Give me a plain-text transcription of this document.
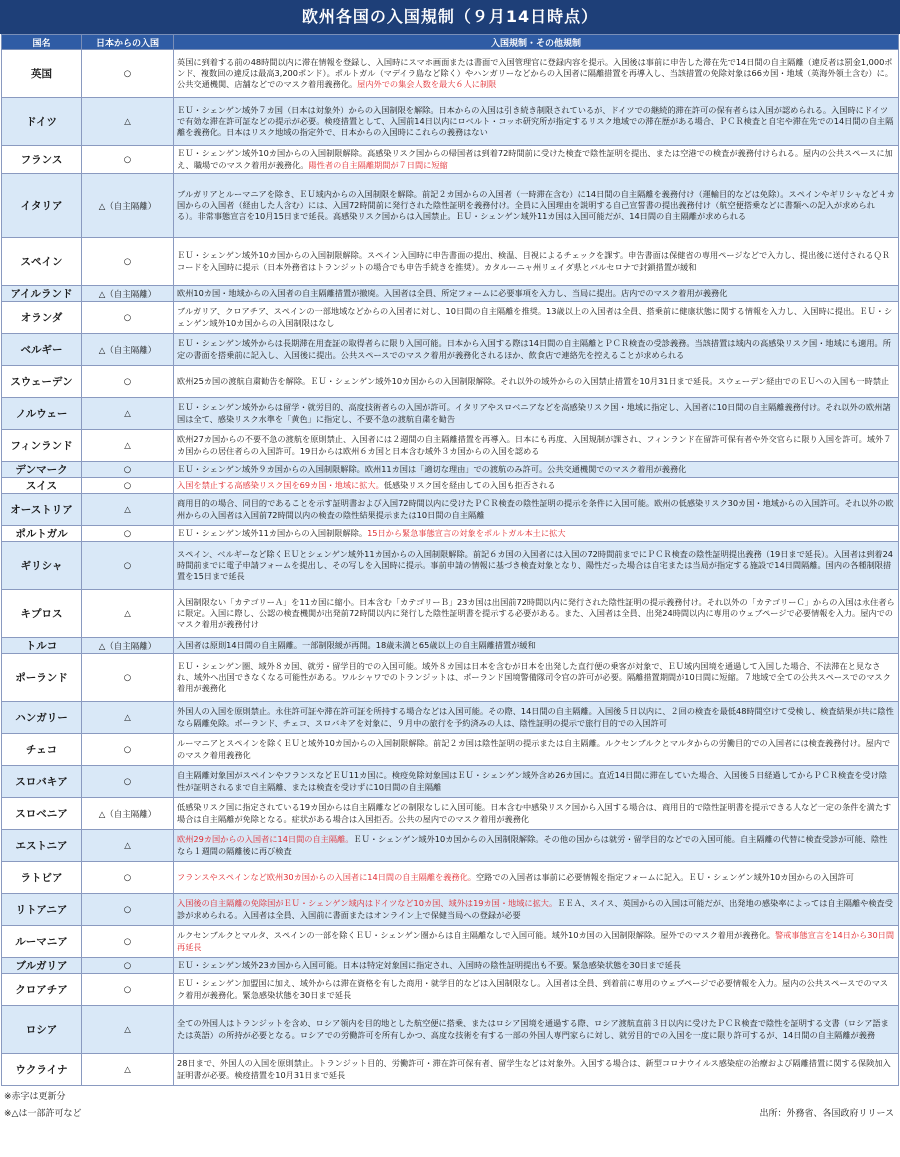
欧州各国の入国規制（９月14日時点）
国名	日本からの入国	入国規制・その他規制
英国	○	英国に到着する前の48時間以内に滞在情報を登録し、入国時にスマホ画面または書面で入国管理官に登録内容を提示。入国後は事前に申告した滞在先で14日間の自主隔離（違反者は罰金1,000ポンド、複数回の違反は最高3,200ポンド）。ポルトガル（マデイラ島など除く）やハンガリーなどからの入国者に隔離措置を再導入し、当該措置の免除対象は66カ国・地域（英海外領土含む）に。公共交通機関、店舗などでのマスク着用義務化。屋内外での集会人数を最大６人に制限
ドイツ	△	ＥＵ・シェンゲン域外７カ国（日本は対象外）からの入国制限を解除。日本からの入国は引き続き制限されているが、ドイツでの継続的滞在許可の保有者らは入国が認められる。入国時にドイツで有効な滞在許可証などの提示が必要。検疫措置として、入国前14日以内にロベルト・コッホ研究所が指定するリスク地域での滞在歴がある場合、ＰＣＲ検査と自宅や滞在先での14日間の自主隔離を義務化。日本はリスク地域の指定外で、日本からの入国時にこれらの義務はない
フランス	○	ＥＵ・シェンゲン域外10カ国からの入国制限解除。高感染リスク国からの帰国者は到着72時間前に受けた検査で陰性証明を提出、または空港での検査が義務付けられる。屋内の公共スペースに加え、職場でのマスク着用が義務化。陽性者の自主隔離期間が７日間に短縮
イタリア	△（自主隔離）	ブルガリアとルーマニアを除き、ＥＵ域内からの入国制限を解除。前記２カ国からの入国者（一時滞在含む）に14日間の自主隔離を義務付け（運輸目的などは免除）。スペインやギリシャなど４カ国からの入国者（経由した人含む）には、入国72時間前に発行された陰性証明を義務付け。全員に入国理由を説明する自己宣誓書の提出義務付け（航空便搭乗などに書類への記入が求められる）。非常事態宣言を10月15日まで延長。高感染リスク国からは入国禁止。ＥＵ・シェンゲン域外11カ国は入国可能だが、14日間の自主隔離が求められる
スペイン	○	ＥＵ・シェンゲン域外10カ国からの入国制限解除。スペイン入国時に申告書面の提出、検温、目視によるチェックを課す。申告書面は保健省の専用ページなどで入力し、提出後に送付されるＱＲコードを入国時に提示（日本外務省はトランジットの場合でも申告手続きを推奨）。カタルーニャ州リェイダ県とバルセロナで封鎖措置が緩和
アイルランド	△（自主隔離）	欧州10カ国・地域からの入国者の自主隔離措置が撤廃。入国者は全員、所定フォームに必要事項を入力し、当局に提出。店内でのマスク着用が義務化
オランダ	○	ブルガリア、クロアチア、スペインの一部地域などからの入国者に対し、10日間の自主隔離を推奨。13歳以上の入国者は全員、搭乗前に健康状態に関する情報を入力し、入国時に提出。ＥＵ・シェンゲン域外10カ国からの入国制限はなし
ベルギー	△（自主隔離）	ＥＵ・シェンゲン域外からは長期滞在用査証の取得者らに限り入国可能。日本から入国する際は14日間の自主隔離とＰＣＲ検査の受診義務。当該措置は域内の高感染リスク国・地域にも適用。所定の書面を搭乗前に記入し、入国後に提出。公共スペースでのマスク着用が義務化されるほか、飲食店で連絡先を控えることが求められる
スウェーデン	○	欧州25カ国の渡航自粛勧告を解除。ＥＵ・シェンゲン域外10カ国からの入国制限解除。それ以外の域外からの入国禁止措置を10月31日まで延長。スウェーデン経由でのＥＵへの入国も一時禁止
ノルウェー	△	ＥＵ・シェンゲン域外からは留学・就労目的、高度技術者らの入国が許可。イタリアやスロベニアなどを高感染リスク国・地域に指定し、入国者に10日間の自主隔離義務付け。それ以外の欧州諸国は全て、感染リスク水準を「黄色」に指定し、不要不急の渡航自粛を勧告
フィンランド	△	欧州27カ国からの不要不急の渡航を原則禁止、入国者には２週間の自主隔離措置を再導入。日本にも再度、入国規制が課され、フィンランド在留許可保有者や外交官らに限り入国を許可。域外７カ国からの居住者らの入国許可。19日からは欧州６カ国と日本含む域外３カ国からの入国を認める
デンマーク	○	ＥＵ・シェンゲン域外９カ国からの入国制限解除。欧州11カ国は「適切な理由」での渡航のみ許可。公共交通機関でのマスク着用が義務化
スイス	○	入国を禁止する高感染リスク国を69カ国・地域に拡大。低感染リスク国を経由しての入国も拒否される
オーストリア	△	商用目的の場合、同目的であることを示す証明書および入国72時間以内に受けたＰＣＲ検査の陰性証明の提示を条件に入国可能。欧州の低感染リスク30カ国・地域からの入国許可。それ以外の欧州からの入国者は入国前72時間以内の検査の陰性結果提示または10日間の自主隔離
ポルトガル	○	ＥＵ・シェンゲン域外11カ国からの入国制限解除。15日から緊急事態宣言の対象をポルトガル本土に拡大
ギリシャ	○	スペイン、ベルギーなど除くＥＵとシェンゲン域外11カ国からの入国制限解除。前記６カ国の入国者には入国の72時間前までにＰＣＲ検査の陰性証明提出義務（19日まで延長）。入国者は到着24時間前までに電子申請フォームを提出し、その写しを入国時に提示。事前申請の情報に基づき検査対象となり、陽性だった場合は自宅または当局が指定する施設で14日間隔離。国内の各種制限措置を15日まで延長
キプロス	△	入国制限ない「カテゴリーＡ」を11カ国に縮小。日本含む「カテゴリーＢ」23カ国は出国前72時間以内に発行された陰性証明の提示義務付け。それ以外の「カテゴリーＣ」からの入国は永住者らに限定。入国に際し、公認の検査機関が出発前72時間以内に発行した陰性証明書を提示する必要がある。また、入国者は全員、出発24時間以内に専用のウェブページで必要情報を入力。屋内でのマスク着用が義務付け
トルコ	△（自主隔離）	入国者は原則14日間の自主隔離。一部制限緩が再開。18歳未満と65歳以上の自主隔離措置が緩和
ポーランド	○	ＥＵ・シェンゲン圏、域外８カ国、就労・留学目的での入国可能。域外８カ国は日本を含むが日本を出発した直行便の乗客が対象で、ＥＵ域内国境を通過して入国した場合、不法滞在と見なされ、域外へ出国できなくなる可能性がある。ワルシャワでのトランジットは、ポーランド国境警備隊司令官の許可が必要。隔離措置期間が10日間に短縮。７地域で全ての公共スペースでのマスク着用が義務化
ハンガリー	△	外国人の入国を原則禁止。永住許可証や滞在許可証を所持する場合などは入国可能。その際、14日間の自主隔離。入国後５日以内に、２回の検査を最低48時間空けて受検し、検査結果が共に陰性なら隔離免除。ポーランド、チェコ、スロバキアを対象に、９月中の旅行を予約済みの人は、陰性証明の提示で旅行目的での入国許可
チェコ	○	ルーマニアとスペインを除くＥＵと域外10カ国からの入国制限解除。前記２カ国は陰性証明の提示または自主隔離。ルクセンブルクとマルタからの労働目的での入国者には検査義務付け。屋内でのマスク着用義務化
スロバキア	○	自主隔離対象国がスペインやフランスなどＥＵ11カ国に。検疫免除対象国はＥＵ・シェンゲン域外含め26カ国に。直近14日間に滞在していた場合、入国後５日経過してからＰＣＲ検査を受け陰性が証明されるまで自主隔離、または検査を受けずに10日間の自主隔離
スロベニア	△（自主隔離）	低感染リスク国に指定されている19カ国からは自主隔離などの制限なしに入国可能。日本含む中感染リスク国から入国する場合は、商用目的で陰性証明書を提示できる人など一定の条件を満たす場合は自主隔離が免除となる。症状がある場合は入国拒否。公共の屋内でのマスク着用が義務化
エストニア	△	欧州29カ国からの入国者に14日間の自主隔離。ＥＵ・シェンゲン域外10カ国からの入国制限解除。その他の国からは就労・留学目的などでの入国可能。自主隔離の代替に検査受診が可能、陰性なら１週間の隔離後に再び検査
ラトビア	○	フランスやスペインなど欧州30カ国からの入国者に14日間の自主隔離を義務化。空路での入国者は事前に必要情報を指定フォームに記入。ＥＵ・シェンゲン域外10カ国からの入国許可
リトアニア	○	入国後の自主隔離の免除国がＥＵ・シェンゲン域内はドイツなど10カ国、域外は19カ国・地域に拡大。ＥＥＡ、スイス、英国からの入国は可能だが、出発地の感染率によっては自主隔離や検査受診が求められる。入国者は全員、入国前に書面またはオンライン上で保健当局への登録が必要
ルーマニア	○	ルクセンブルクとマルタ、スペインの一部を除くＥＵ・シェンゲン圏からは自主隔離なしで入国可能。域外10カ国の入国制限解除。屋外でのマスク着用が義務化。警戒事態宣言を14日から30日間再延長
ブルガリア	○	ＥＵ・シェンゲン域外23カ国から入国可能。日本は特定対象国に指定され、入国時の陰性証明提出も不要。緊急感染状態を30日まで延長
クロアチア	○	ＥＵ・シェンゲン加盟国に加え、域外からは滞在資格を有した商用・就学目的などは入国制限なし。入国者は全員、到着前に専用のウェブページで必要情報を入力。屋内の公共スペースでのマスク着用が義務化。緊急感染状態を30日まで延長
ロシア	△	全ての外国人はトランジットを含め、ロシア領内を目的地とした航空便に搭乗、またはロシア国境を通過する際、ロシア渡航直前３日以内に受けたＰＣＲ検査で陰性を証明する文書（ロシア語または英語）の所持が必要となる。ロシアでの労働許可を所有しかつ、高度な技術を有する一部の外国人専門家らに対し、就労目的での入国を一度に限り許可するが、14日間の自主隔離が義務
ウクライナ	△	28日まで、外国人の入国を原則禁止。トランジット目的、労働許可・滞在許可保有者、留学生などは対象外。入国する場合は、新型コロナウイルス感染症の治療および隔離措置に関する保険加入証明書が必要。検疫措置を10月31日まで延長
※赤字は更新分
※△は一部許可など	出所：外務省、各国政府リリース
